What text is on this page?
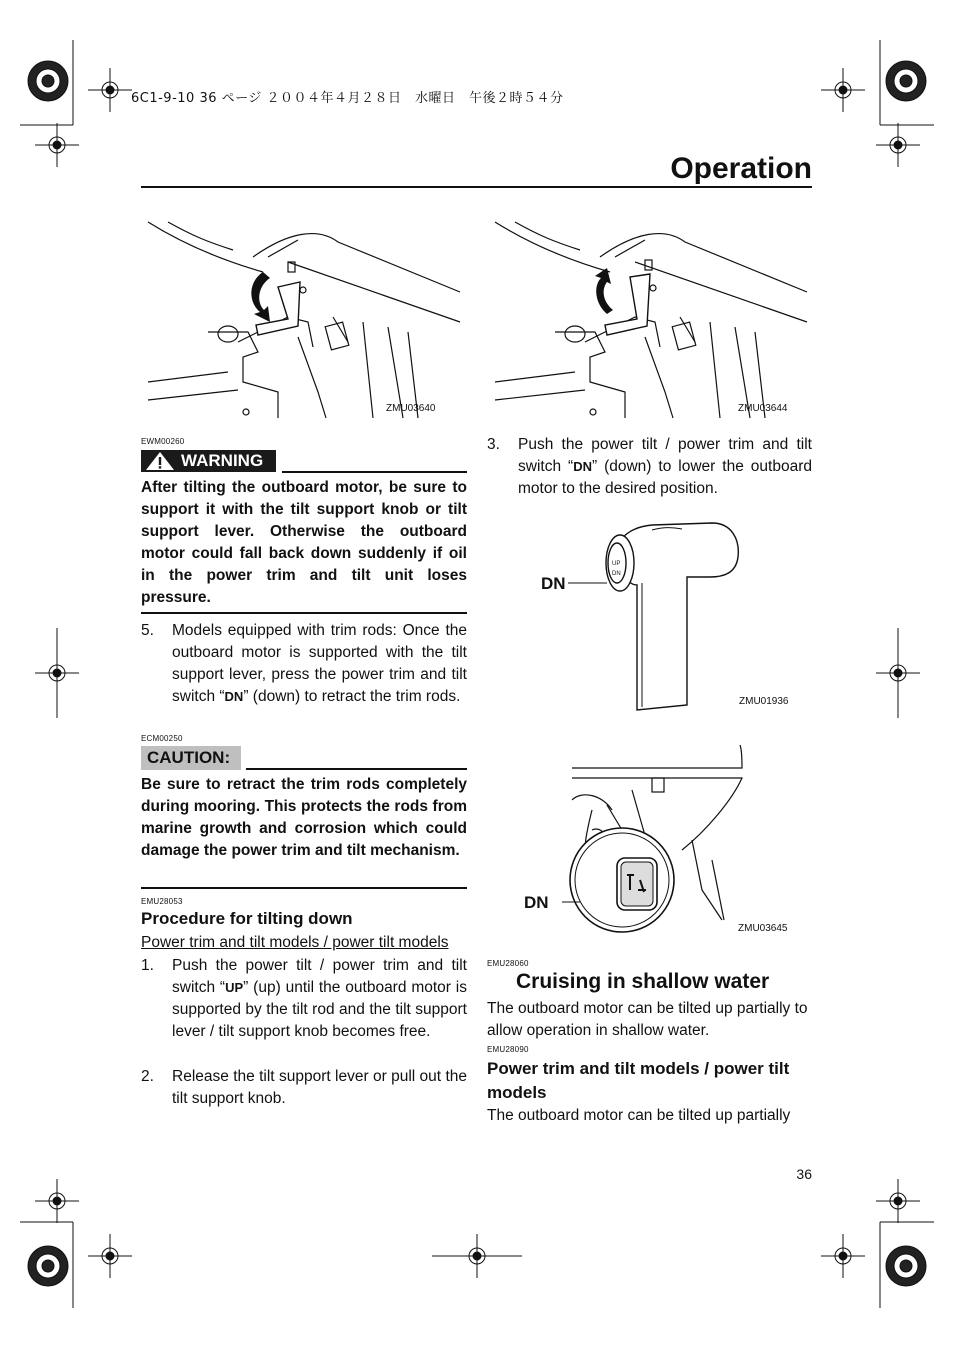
6C1-9-10 36 ページ ２００４年４月２８日　水曜日　午後２時５４分
Operation
ZMU03640	ZMU03644
EWM00260
WARNING
After tilting the outboard motor, be sure to support it with the tilt support knob or tilt support lever. Otherwise the outboard motor could fall back down suddenly if oil in the power trim and tilt unit loses pressure.
5. Models equipped with trim rods: Once the outboard motor is supported with the tilt support lever, press the power trim and tilt switch “DN” (down) to retract the trim rods.
ECM00250
CAUTION:
Be sure to retract the trim rods completely during mooring. This protects the rods from marine growth and corrosion which could damage the power trim and tilt mechanism.
EMU28053
Procedure for tilting down
Power trim and tilt models / power tilt models
1. Push the power tilt / power trim and tilt switch “UP” (up) until the outboard motor is supported by the tilt rod and the tilt support lever / tilt support knob becomes free.
2. Release the tilt support lever or pull out the tilt support knob.
3. Push the power tilt / power trim and tilt switch “DN” (down) to lower the outboard motor to the desired position.
UP
DN
ZMU01936
DN
ZMU03645
DN
EMU28060
Cruising in shallow water
The outboard motor can be tilted up partially to allow operation in shallow water.
EMU28090
Power trim and tilt models / power tilt models
The outboard motor can be tilted up partially
36
